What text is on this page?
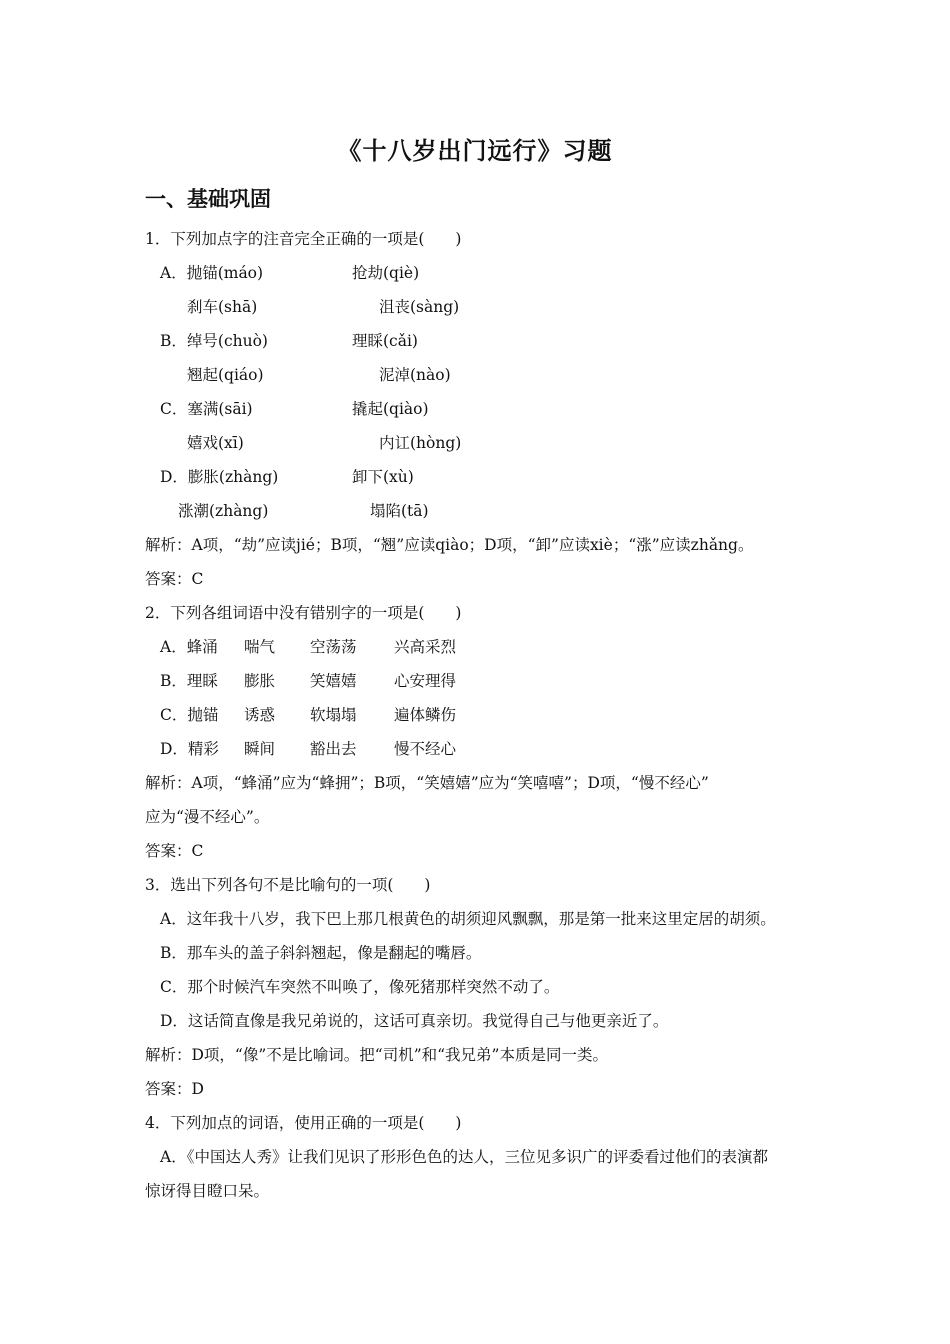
《十八岁出门远行》习题
一、基础巩固
1．下列加点字的注音完全正确的一项是(　　)
A．抛锚(máo)	抢劫(qiè)
刹车(shā)	沮丧(sàng)
B．绰号(chuò)	理睬(cǎi)
翘起(qiáo)	泥淖(nào)
C．塞满(sāi)	撬起(qiào)
嬉戏(xī)	内讧(hòng)
D．膨胀(zhàng)	卸下(xù)
涨潮(zhàng)	塌陷(tā)
解析：A项，“劫”应读jié；B项，“翘”应读qiào；D项，“卸”应读xiè；“涨”应读zhǎng。
答案：C
2．下列各组词语中没有错别字的一项是(　　)
A．蜂涌 喘气 空荡荡 兴高采烈
B．理睬 膨胀 笑嬉嬉 心安理得
C．抛锚 诱惑 软塌塌 遍体鳞伤
D．精彩 瞬间 豁出去 慢不经心
解析：A项，“蜂涌”应为“蜂拥”；B项，“笑嬉嬉”应为“笑嘻嘻”；D项，“慢不经心”
应为“漫不经心”。
答案：C
3．选出下列各句不是比喻句的一项(　　)
A．这年我十八岁，我下巴上那几根黄色的胡须迎风飘飘，那是第一批来这里定居的胡须。
B．那车头的盖子斜斜翘起，像是翻起的嘴唇。
C．那个时候汽车突然不叫唤了，像死猪那样突然不动了。
D．这话简直像是我兄弟说的，这话可真亲切。我觉得自己与他更亲近了。
解析：D项，“像”不是比喻词。把“司机”和“我兄弟”本质是同一类。
答案：D
4．下列加点的词语，使用正确的一项是(　　)
A．《中国达人秀》让我们见识了形形色色的达人，三位见多识广的评委看过他们的表演都
惊讶得目瞪口呆。
